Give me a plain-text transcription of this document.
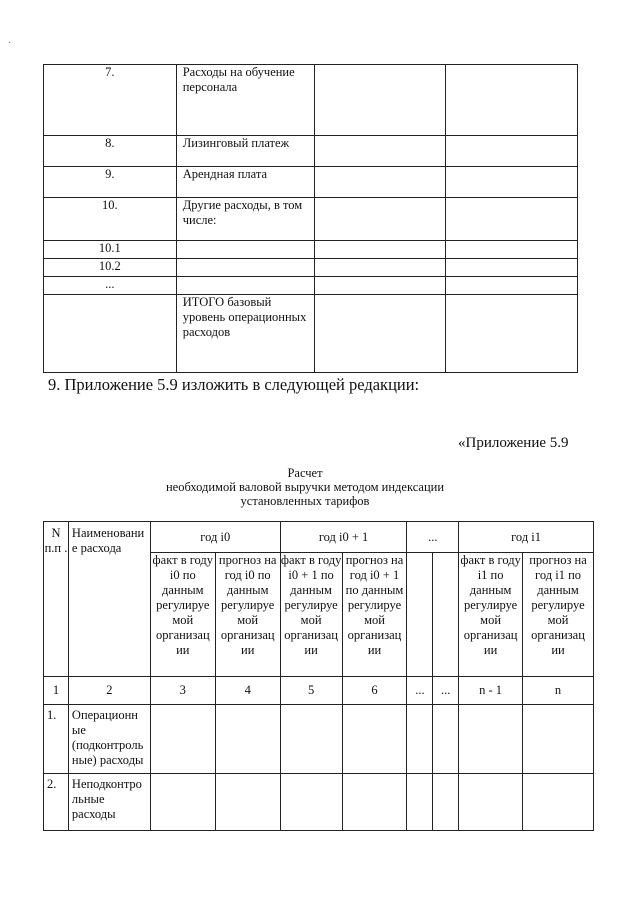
·
7.	Расходы на обучение персонала		
8.	Лизинговый платеж		
9.	Арендная плата		
10.	Другие расходы, в том числе:		
10.1			
10.2			
...			
	ИТОГО базовый уровень операционных расходов		
9. Приложение 5.9 изложить в следующей редакции:
«Приложение 5.9
Расчет
необходимой валовой выручки методом индексации
установленных тарифов
N п.п .	Наименовани е расхода	год i0		год i0 + 1		...		год i1	
		факт в году i0 по данным регулируе мой организац ии	прогноз на год i0 по данным регулируе мой организац ии	факт в году i0 + 1 по данным регулируе мой организац ии	прогноз на год i0 + 1 по данным регулируе мой организац ии			факт в году i1 по данным регулируе мой организац ии	прогноз на год i1 по данным регулируе мой организац ии
1	2	3	4	5	6	...	...	n - 1	n
1.	Операционн ые (подконтроль ные) расходы								
2.	Неподконтро льные расходы								
